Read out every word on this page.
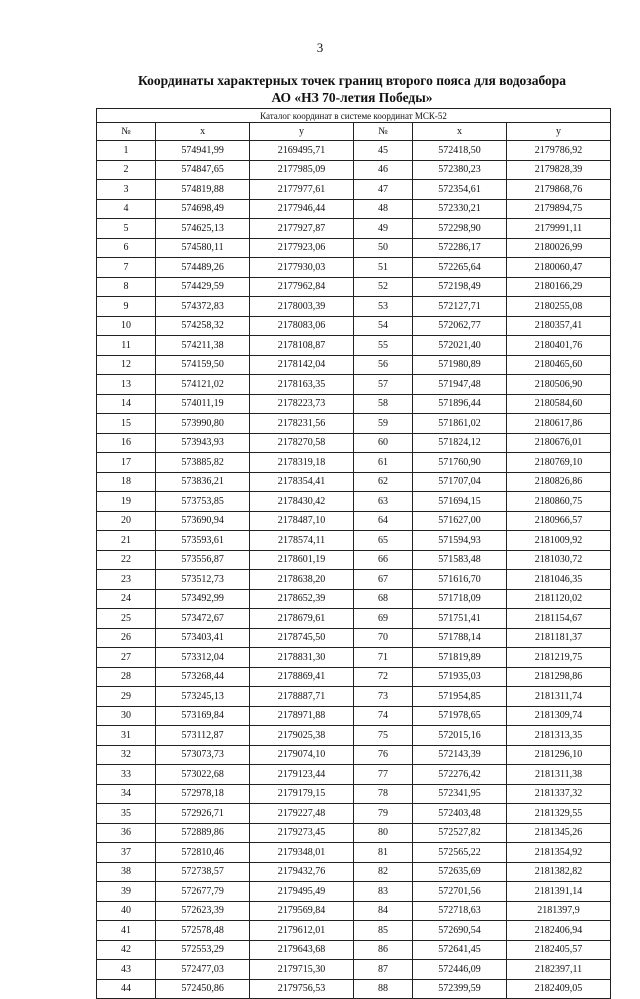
3
Координаты характерных точек границ второго пояса для водозабора
АО «НЗ 70-летия Победы»
Каталог координат в системе координат МСК-52					
№	x	y	№	x	y
1	574941,99	2169495,71	45	572418,50	2179786,92
2	574847,65	2177985,09	46	572380,23	2179828,39
3	574819,88	2177977,61	47	572354,61	2179868,76
4	574698,49	2177946,44	48	572330,21	2179894,75
5	574625,13	2177927,87	49	572298,90	2179991,11
6	574580,11	2177923,06	50	572286,17	2180026,99
7	574489,26	2177930,03	51	572265,64	2180060,47
8	574429,59	2177962,84	52	572198,49	2180166,29
9	574372,83	2178003,39	53	572127,71	2180255,08
10	574258,32	2178083,06	54	572062,77	2180357,41
11	574211,38	2178108,87	55	572021,40	2180401,76
12	574159,50	2178142,04	56	571980,89	2180465,60
13	574121,02	2178163,35	57	571947,48	2180506,90
14	574011,19	2178223,73	58	571896,44	2180584,60
15	573990,80	2178231,56	59	571861,02	2180617,86
16	573943,93	2178270,58	60	571824,12	2180676,01
17	573885,82	2178319,18	61	571760,90	2180769,10
18	573836,21	2178354,41	62	571707,04	2180826,86
19	573753,85	2178430,42	63	571694,15	2180860,75
20	573690,94	2178487,10	64	571627,00	2180966,57
21	573593,61	2178574,11	65	571594,93	2181009,92
22	573556,87	2178601,19	66	571583,48	2181030,72
23	573512,73	2178638,20	67	571616,70	2181046,35
24	573492,99	2178652,39	68	571718,09	2181120,02
25	573472,67	2178679,61	69	571751,41	2181154,67
26	573403,41	2178745,50	70	571788,14	2181181,37
27	573312,04	2178831,30	71	571819,89	2181219,75
28	573268,44	2178869,41	72	571935,03	2181298,86
29	573245,13	2178887,71	73	571954,85	2181311,74
30	573169,84	2178971,88	74	571978,65	2181309,74
31	573112,87	2179025,38	75	572015,16	2181313,35
32	573073,73	2179074,10	76	572143,39	2181296,10
33	573022,68	2179123,44	77	572276,42	2181311,38
34	572978,18	2179179,15	78	572341,95	2181337,32
35	572926,71	2179227,48	79	572403,48	2181329,55
36	572889,86	2179273,45	80	572527,82	2181345,26
37	572810,46	2179348,01	81	572565,22	2181354,92
38	572738,57	2179432,76	82	572635,69	2181382,82
39	572677,79	2179495,49	83	572701,56	2181391,14
40	572623,39	2179569,84	84	572718,63	2181397,9
41	572578,48	2179612,01	85	572690,54	2182406,94
42	572553,29	2179643,68	86	572641,45	2182405,57
43	572477,03	2179715,30	87	572446,09	2182397,11
44	572450,86	2179756,53	88	572399,59	2182409,05
